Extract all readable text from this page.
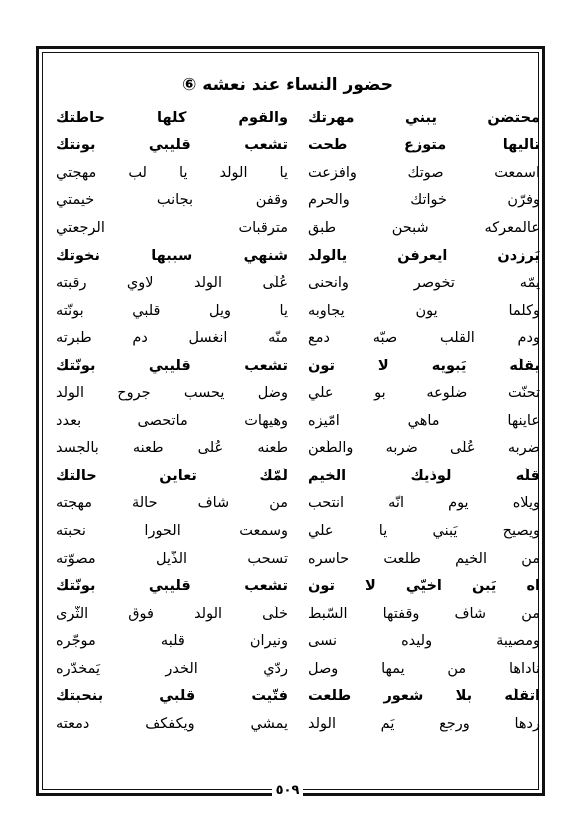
حضور النساء عند نعشه ⑥
محتضن يبني مهرتك
والقوم كلها حاطتك
تاليها متوزع طحت
تشعب قليبي بونتك
اسمعت صوتك وافزعت
يا الولد يا لب مهجتي
وفرّن خواتك والحرم
وقفن بجانب خيمتي
عالمعركه شبحن طبق
مترقبات الرجعتي
يَرزدن ايعرفن يالولد
شنهي سببها نخوتك
يمّه تخوصر وانحنى
عُلَى الولد لاوي رقبته
وكلما يون يجاوبه
يا ويل قلبي بونّته
ودم القلب صبّه دمع
منّه انغسل دم طبرته
يقلّه يَبويه لا تون
تشعب قليبي بونّتك
تحنّت ضلوعه بو علي
وضل يحسب جروح الولد
عاينها ماهي امّيزه
وهيهات ماتحصى بعدد
ضربه عُلَى ضربه والطّعن
طعنه عُلى طعنه بالجسد
قلّه لوذيك الخيم
لُمّك تعاين حالتك
ويلاه يوم انّه انتحب
من شاف حالة مهجته
ويصيح يَبني يا علي
وسمعت الحورا نحبته
من الخيم طلعت حاسره
تسحب الذّيل مصوّته
آه يَبن اخيّي لا تون
تشعب قليبي بونّتك
من شاف وقفتها السّبط
خلّى الولد فوق الثّرى
ومصيبة وليده نسى
ونيران قلبه موجّره
ناداها من يمها وصل
ردّي الخدر يَمخدّره
اتقلّه بلا شعور طْلعت
فتّيت قلبي بنحبتك
ردها ورجع يَم الولد
يمشي ويكفكف دمعته
٥٠٩
